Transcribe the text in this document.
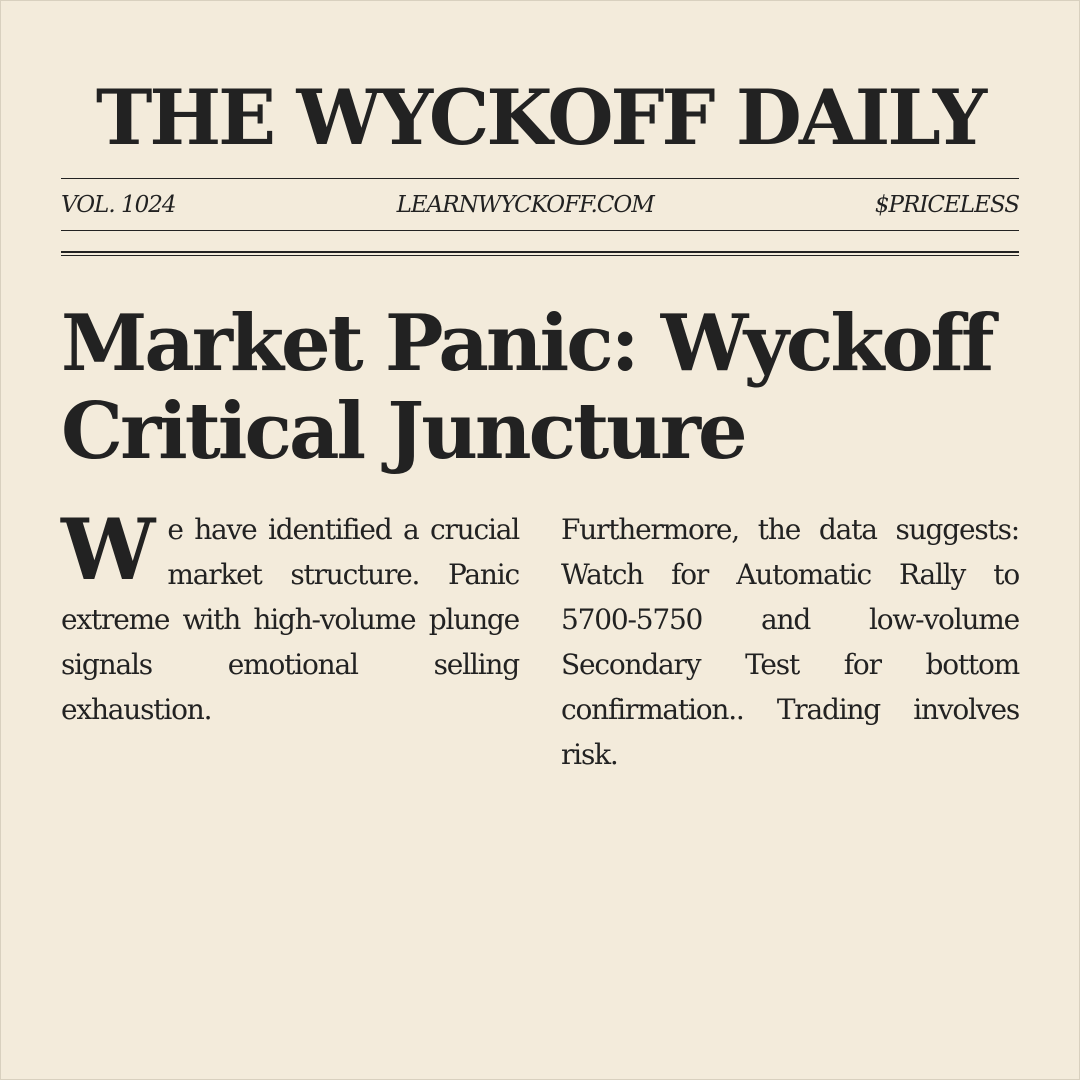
THE WYCKOFF DAILY
VOL. 1024	LEARNWYCKOFF.COM	$PRICELESS
Market Panic: Wyckoff Critical Juncture

We have identified a crucial market structure. Panic extreme with high-volume plunge signals emotional selling exhaustion.

Furthermore, the data suggests: Watch for Automatic Rally to 5700-5750 and low-volume Secondary Test for bottom confirmation.. Trading involves risk.
